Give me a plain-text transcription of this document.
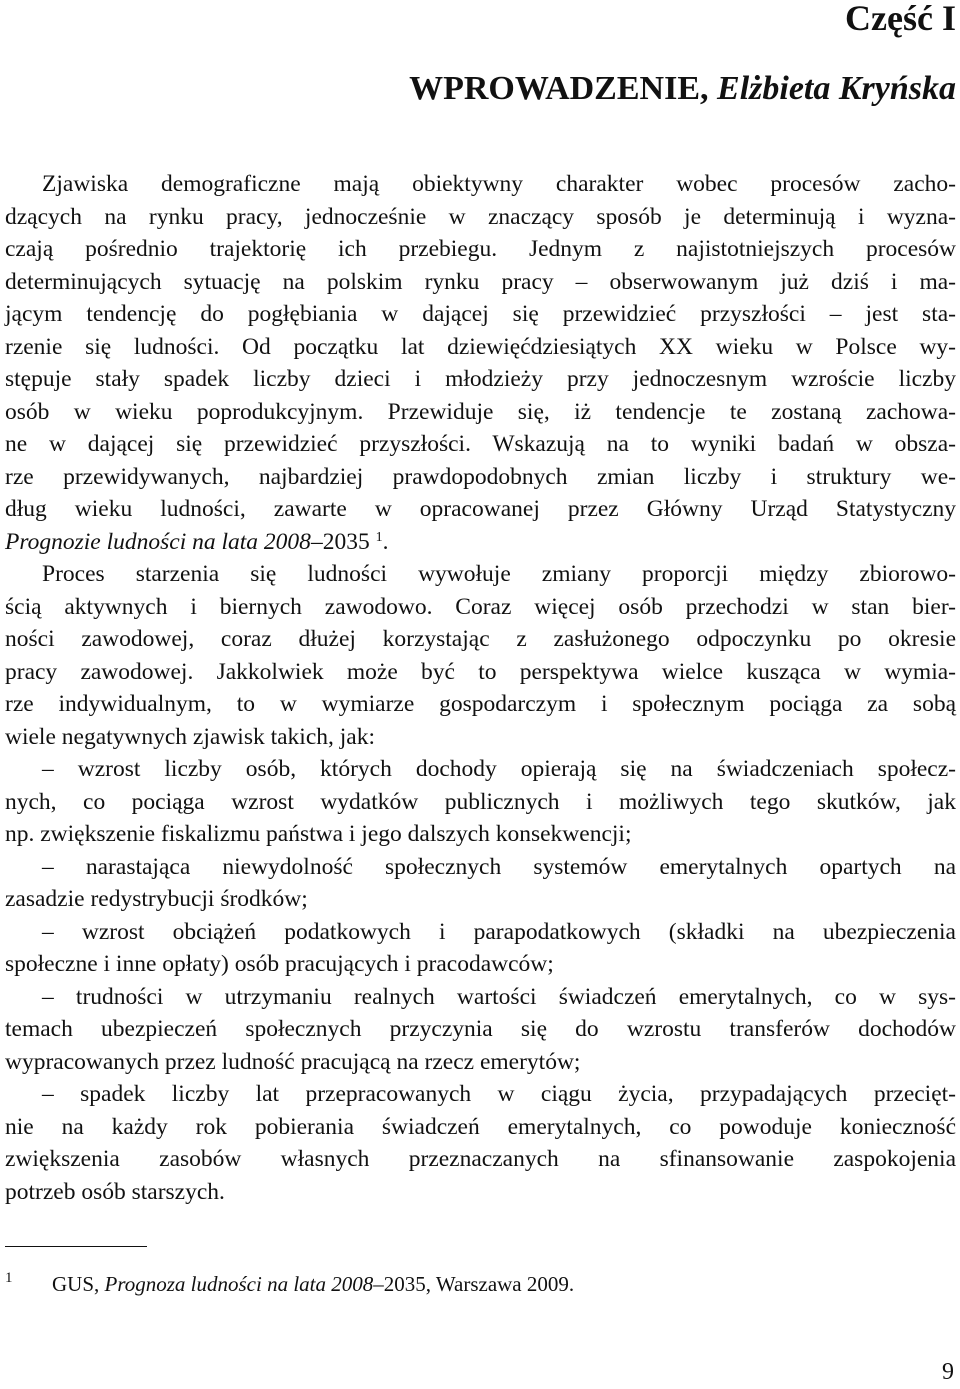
Część I
WPROWADZENIE, Elżbieta Kryńska
Zjawiska demograficzne mają obiektywny charakter wobec procesów zacho-
dzących na rynku pracy, jednocześnie w znaczący sposób je determinują i wyzna-
czają pośrednio trajektorię ich przebiegu. Jednym z najistotniejszych procesów
determinujących sytuację na polskim rynku pracy – obserwowanym już dziś i ma-
jącym tendencję do pogłębiania w dającej się przewidzieć przyszłości – jest sta-
rzenie się ludności. Od początku lat dziewięćdziesiątych XX wieku w Polsce wy-
stępuje stały spadek liczby dzieci i młodzieży przy jednoczesnym wzroście liczby
osób w wieku poprodukcyjnym. Przewiduje się, iż tendencje te zostaną zachowa-
ne w dającej się przewidzieć przyszłości. Wskazują na to wyniki badań w obsza-
rze przewidywanych, najbardziej prawdopodobnych zmian liczby i struktury we-
dług wieku ludności, zawarte w opracowanej przez Główny Urząd Statystyczny
Prognozie ludności na lata 2008–2035 $^1$.
Proces starzenia się ludności wywołuje zmiany proporcji między zbiorowo-
ścią aktywnych i biernych zawodowo. Coraz więcej osób przechodzi w stan bier-
ności zawodowej, coraz dłużej korzystając z zasłużonego odpoczynku po okresie
pracy zawodowej. Jakkolwiek może być to perspektywa wielce kusząca w wymia-
rze indywidualnym, to w wymiarze gospodarczym i społecznym pociąga za sobą
wiele negatywnych zjawisk takich, jak:
– wzrost liczby osób, których dochody opierają się na świadczeniach społecz-
nych, co pociąga wzrost wydatków publicznych i możliwych tego skutków, jak
np. zwiększenie fiskalizmu państwa i jego dalszych konsekwencji;
– narastająca niewydolność społecznych systemów emerytalnych opartych na
zasadzie redystrybucji środków;
– wzrost obciążeń podatkowych i parapodatkowych (składki na ubezpieczenia
społeczne i inne opłaty) osób pracujących i pracodawców;
– trudności w utrzymaniu realnych wartości świadczeń emerytalnych, co w sys-
temach ubezpieczeń społecznych przyczynia się do wzrostu transferów dochodów
wypracowanych przez ludność pracującą na rzecz emerytów;
– spadek liczby lat przepracowanych w ciągu życia, przypadających przecięt-
nie na każdy rok pobierania świadczeń emerytalnych, co powoduje konieczność
zwiększenia zasobów własnych przeznaczanych na sfinansowanie zaspokojenia
potrzeb osób starszych.
1 GUS, Prognoza ludności na lata 2008–2035, Warszawa 2009.
9
